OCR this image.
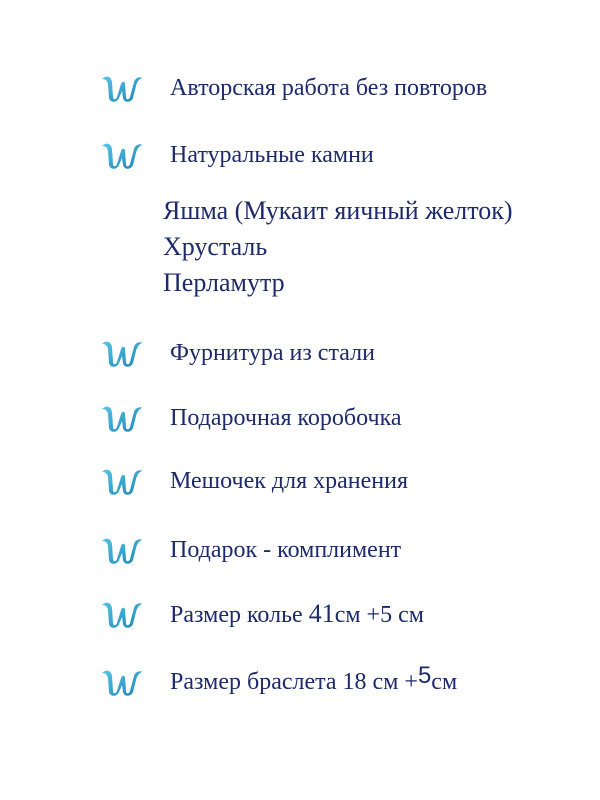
Авторская работа без повторов
Натуральные камни
Яшма (Мукаит яичный желток)
Хрусталь
Перламутр
Фурнитура из стали
Подарочная коробочка
Мешочек для хранения
Подарок - комплимент
Размер колье 41см +5 см
Размер браслета 18 см +5см
